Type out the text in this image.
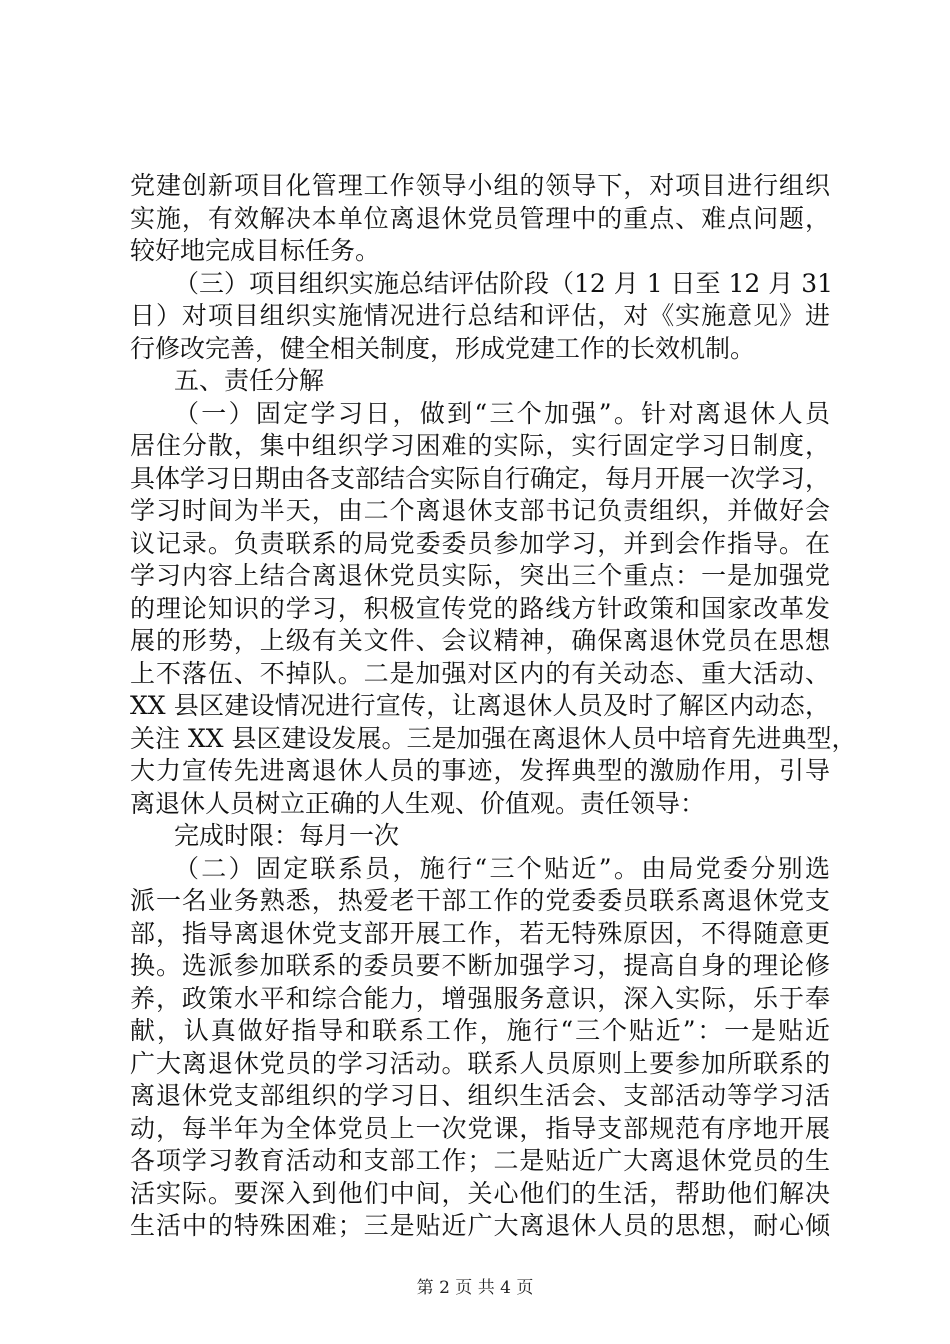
党建创新项目化管理工作领导小组的领导下，对项目进行组织
实施，有效解决本单位离退休党员管理中的重点、难点问题，
较好地完成目标任务。
（三）项目组织实施总结评估阶段（12 月 1 日至 12 月 31
日）对项目组织实施情况进行总结和评估，对《实施意见》进
行修改完善，健全相关制度，形成党建工作的长效机制。
五、责任分解
（一）固定学习日，做到“三个加强”。针对离退休人员
居住分散，集中组织学习困难的实际，实行固定学习日制度，
具体学习日期由各支部结合实际自行确定，每月开展一次学习，
学习时间为半天，由二个离退休支部书记负责组织，并做好会
议记录。负责联系的局党委委员参加学习，并到会作指导。在
学习内容上结合离退休党员实际，突出三个重点：一是加强党
的理论知识的学习，积极宣传党的路线方针政策和国家改革发
展的形势，上级有关文件、会议精神，确保离退休党员在思想
上不落伍、不掉队。二是加强对区内的有关动态、重大活动、
XX 县区建设情况进行宣传，让离退休人员及时了解区内动态，
关注 XX 县区建设发展。三是加强在离退休人员中培育先进典型，
大力宣传先进离退休人员的事迹，发挥典型的激励作用，引导
离退休人员树立正确的人生观、价值观。责任领导：
完成时限：每月一次
（二）固定联系员，施行“三个贴近”。由局党委分别选
派一名业务熟悉，热爱老干部工作的党委委员联系离退休党支
部，指导离退休党支部开展工作，若无特殊原因，不得随意更
换。选派参加联系的委员要不断加强学习，提高自身的理论修
养，政策水平和综合能力，增强服务意识，深入实际，乐于奉
献，认真做好指导和联系工作，施行“三个贴近”：一是贴近
广大离退休党员的学习活动。联系人员原则上要参加所联系的
离退休党支部组织的学习日、组织生活会、支部活动等学习活
动，每半年为全体党员上一次党课，指导支部规范有序地开展
各项学习教育活动和支部工作；二是贴近广大离退休党员的生
活实际。要深入到他们中间，关心他们的生活，帮助他们解决
生活中的特殊困难；三是贴近广大离退休人员的思想，耐心倾
第 2 页 共 4 页
